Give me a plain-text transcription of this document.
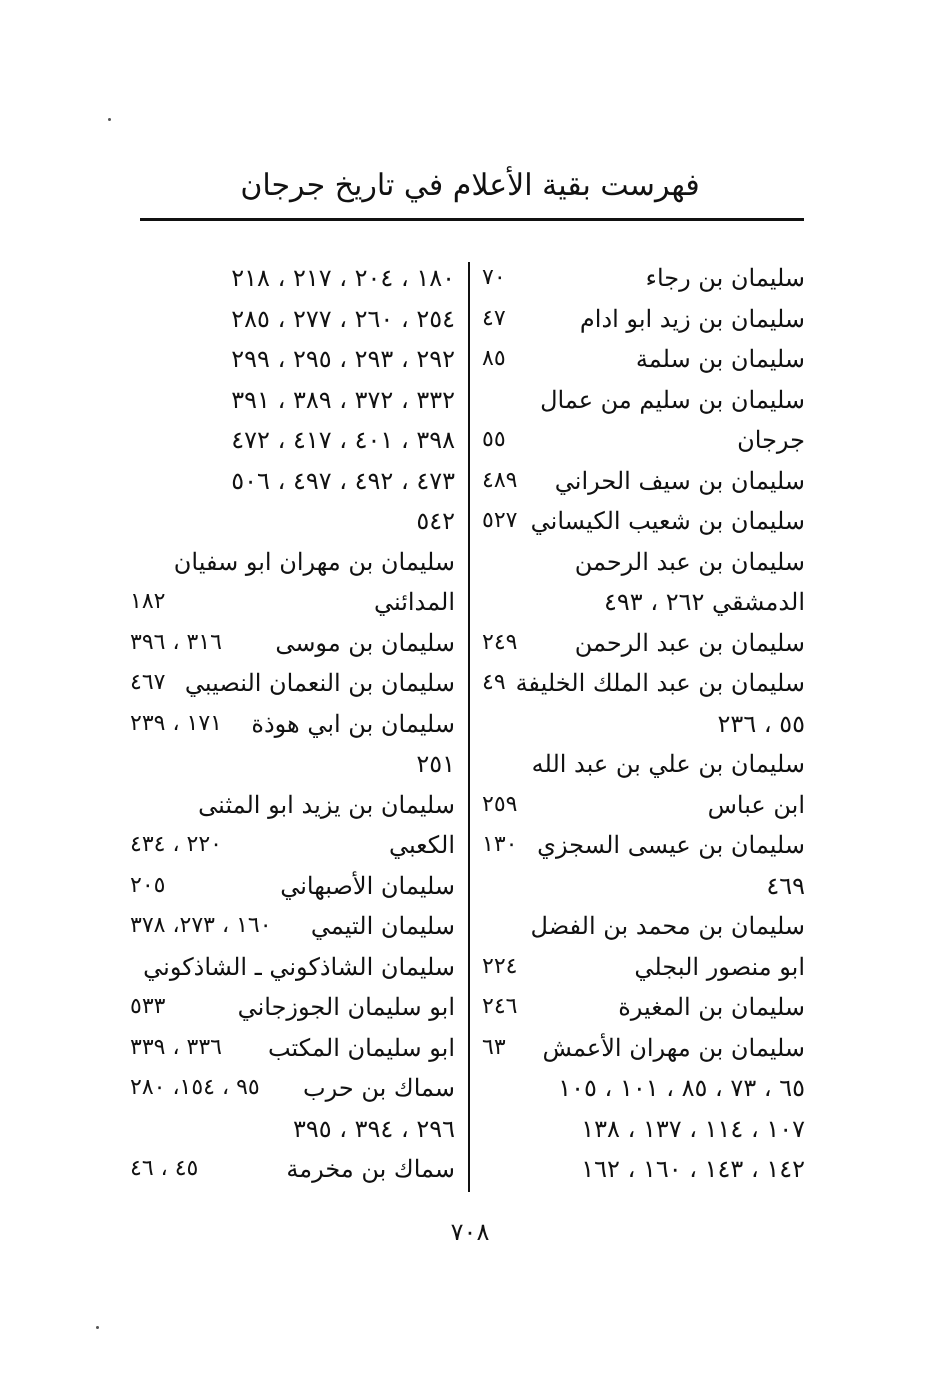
فهرست بقية الأعلام في تاريخ جرجان
سليمان بن رجاء
٧٠
سليمان بن زيد ابو ادام
٤٧
سليمان بن سلمة
٨٥
سليمان بن سليم من عمال
جرجان
٥٥
سليمان بن سيف الحراني
٤٨٩
سليمان بن شعيب الكيساني
٥٢٧
سليمان بن عبد الرحمن
الدمشقي ٢٦٢ ، ٤٩٣
سليمان بن عبد الرحمن
٢٤٩
سليمان بن عبد الملك الخليفة
٤٩
٥٥ ، ٢٣٦
سليمان بن علي بن عبد الله
ابن عباس
٢٥٩
سليمان بن عيسى السجزي
١٣٠
٤٦٩
سليمان بن محمد بن الفضل
ابو منصور البجلي
٢٢٤
سليمان بن المغيرة
٢٤٦
سليمان بن مهران الأعمش
٦٣
٦٥ ، ٧٣ ، ٨٥ ، ١٠١ ، ١٠٥
١٠٧ ، ١١٤ ، ١٣٧ ، ١٣٨
١٤٢ ، ١٤٣ ، ١٦٠ ، ١٦٢
١٨٠ ، ٢٠٤ ، ٢١٧ ، ٢١٨
٢٥٤ ، ٢٦٠ ، ٢٧٧ ، ٢٨٥
٢٩٢ ، ٢٩٣ ، ٢٩٥ ، ٢٩٩
٣٣٢ ، ٣٧٢ ، ٣٨٩ ، ٣٩١
٣٩٨ ، ٤٠١ ، ٤١٧ ، ٤٧٢
٤٧٣ ، ٤٩٢ ، ٤٩٧ ، ٥٠٦
٥٤٢
سليمان بن مهران ابو سفيان
المدائني
١٨٢
سليمان بن موسى
٣١٦ ، ٣٩٦
سليمان بن النعمان النصيبي
٤٦٧
سليمان بن ابي هوذة
١٧١ ، ٢٣٩
٢٥١
سليمان بن يزيد ابو المثنى
الكعبي
٢٢٠ ، ٤٣٤
سليمان الأصبهاني
٢٠٥
سليمان التيمي
١٦٠ ، ٢٧٣، ٣٧٨
سليمان الشاذكوني ـ الشاذكوني
ابو سليمان الجوزجاني
٥٣٣
ابو سليمان المكتب
٣٣٦ ، ٣٣٩
سماك بن حرب
٩٥ ، ١٥٤، ٢٨٠
٢٩٦ ، ٣٩٤ ، ٣٩٥
سماك بن مخرمة
٤٥ ، ٤٦
٧٠٨
